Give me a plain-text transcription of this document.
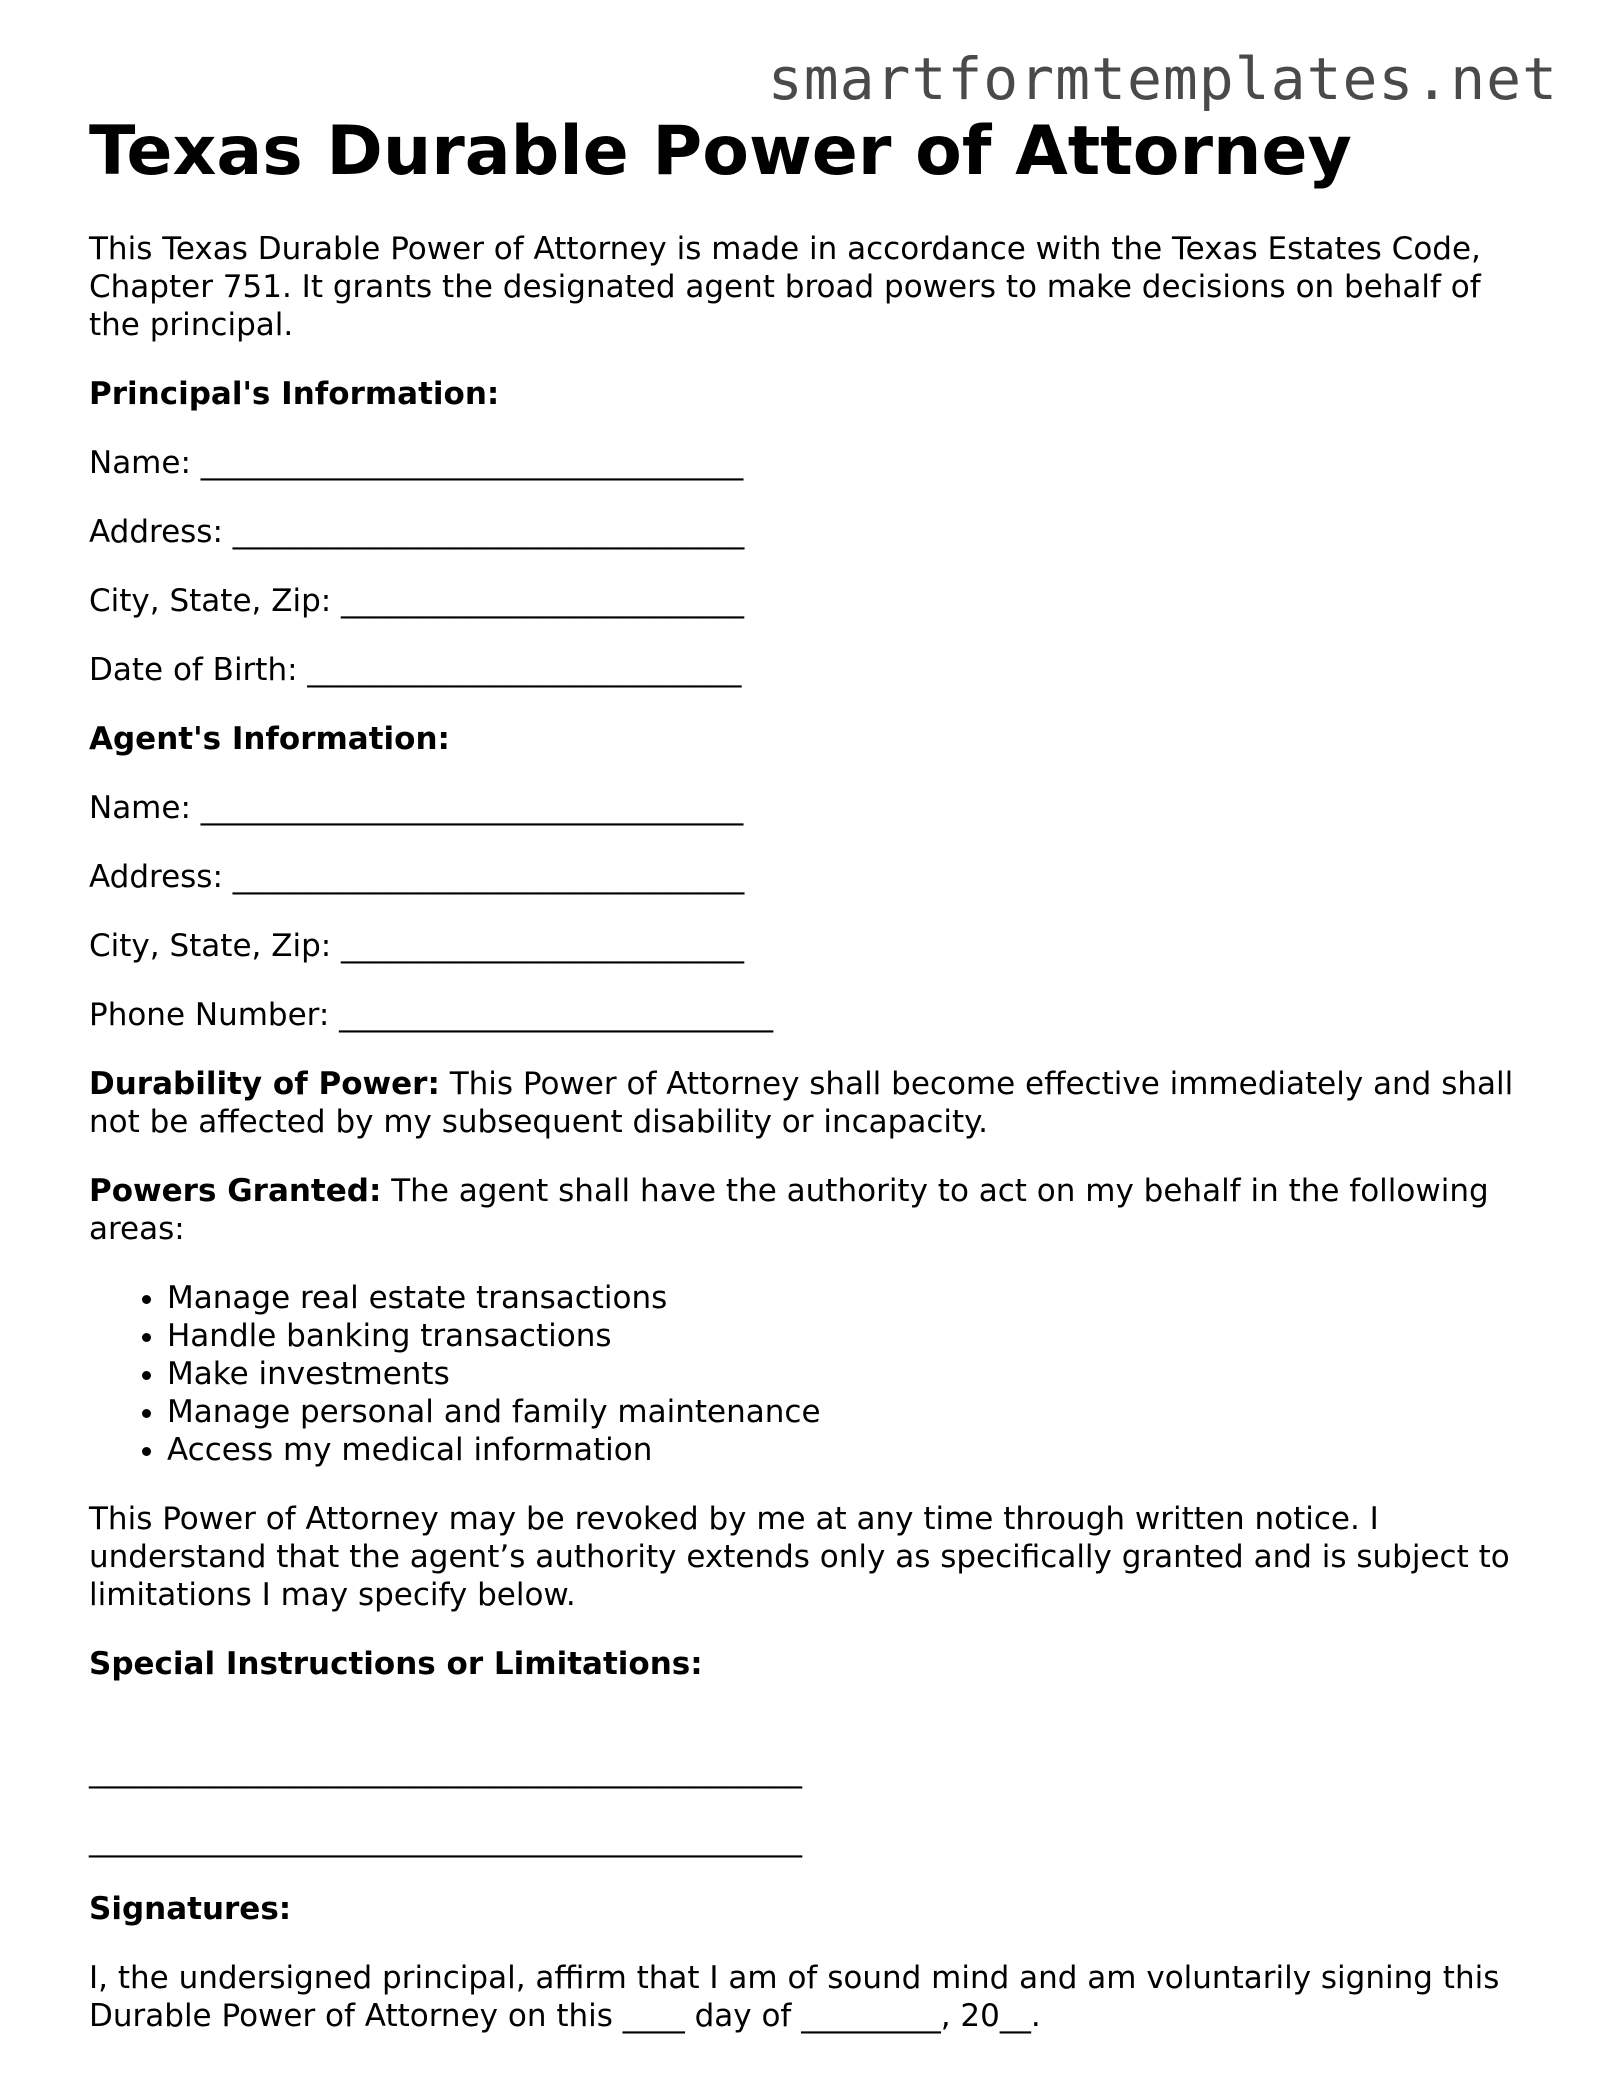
smartformtemplates.net
Texas Durable Power of Attorney

This Texas Durable Power of Attorney is made in accordance with the Texas Estates Code, Chapter 751. It grants the designated agent broad powers to make decisions on behalf of the principal.

Principal's Information:

Name: ___________________________________

Address: _________________________________

City, State, Zip: __________________________

Date of Birth: ____________________________

Agent's Information:

Name: ___________________________________

Address: _________________________________

City, State, Zip: __________________________

Phone Number: ____________________________

Durability of Power: This Power of Attorney shall become effective immediately and shall not be affected by my subsequent disability or incapacity.

Powers Granted: The agent shall have the authority to act on my behalf in the following areas:

• Manage real estate transactions
• Handle banking transactions
• Make investments
• Manage personal and family maintenance
• Access my medical information

This Power of Attorney may be revoked by me at any time through written notice. I understand that the agent’s authority extends only as specifically granted and is subject to limitations I may specify below.

Special Instructions or Limitations:

______________________________________________

______________________________________________

Signatures:

I, the undersigned principal, affirm that I am of sound mind and am voluntarily signing this Durable Power of Attorney on this ____ day of _________, 20__.
